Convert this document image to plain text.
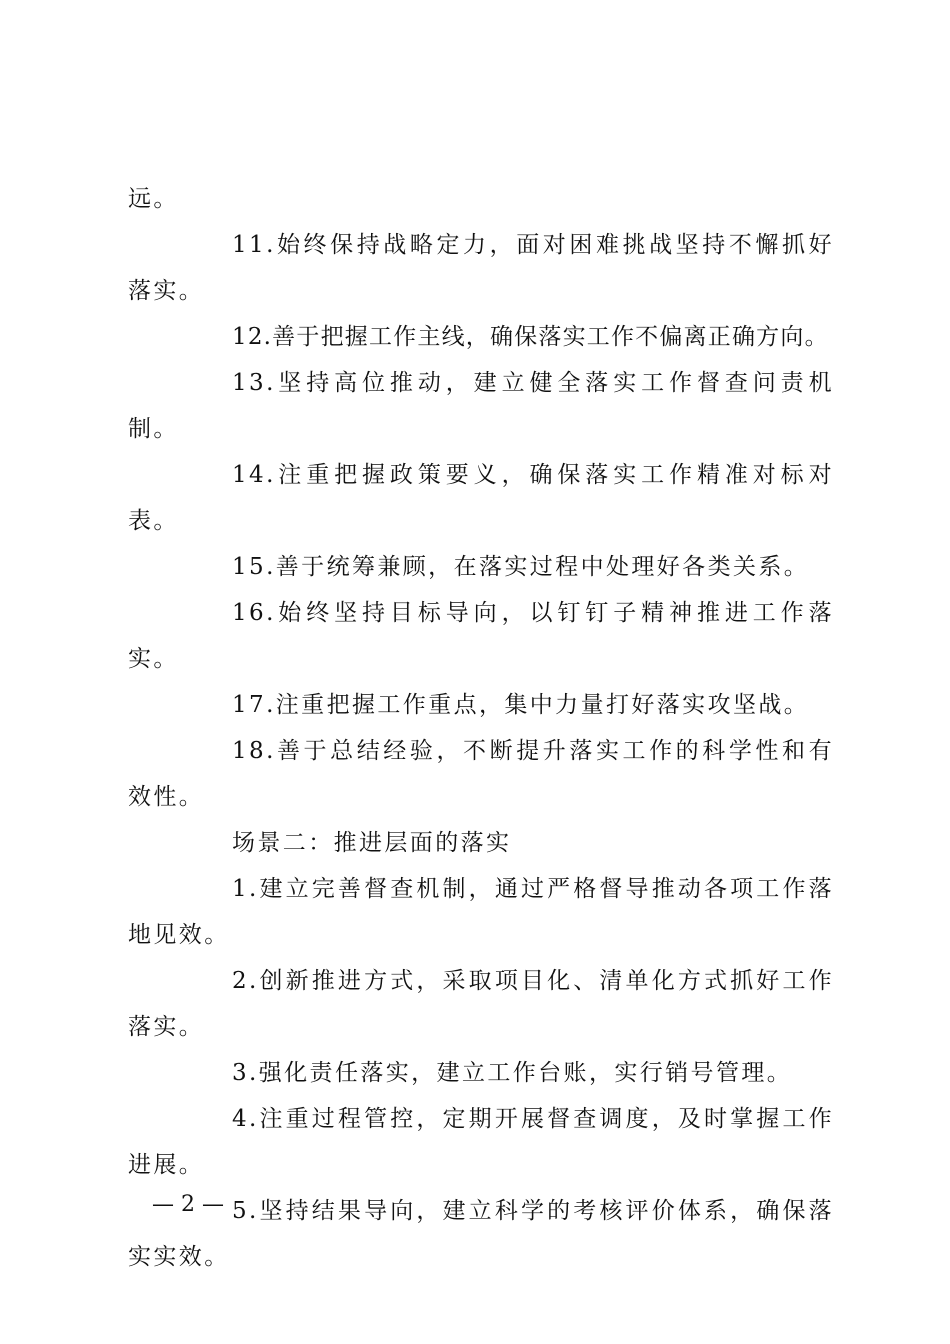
远。

11.始终保持战略定力，面对困难挑战坚持不懈抓好落实。

12.善于把握工作主线，确保落实工作不偏离正确方向。

13.坚持高位推动，建立健全落实工作督查问责机制。

14.注重把握政策要义，确保落实工作精准对标对表。

15.善于统筹兼顾，在落实过程中处理好各类关系。

16.始终坚持目标导向，以钉钉子精神推进工作落实。

17.注重把握工作重点，集中力量打好落实攻坚战。

18.善于总结经验，不断提升落实工作的科学性和有效性。

场景二：推进层面的落实

1.建立完善督查机制，通过严格督导推动各项工作落地见效。

2.创新推进方式，采取项目化、清单化方式抓好工作落实。

3.强化责任落实，建立工作台账，实行销号管理。

4.注重过程管控，定期开展督查调度，及时掌握工作进展。

5.坚持结果导向，建立科学的考核评价体系，确保落实实效。

— 2 —
